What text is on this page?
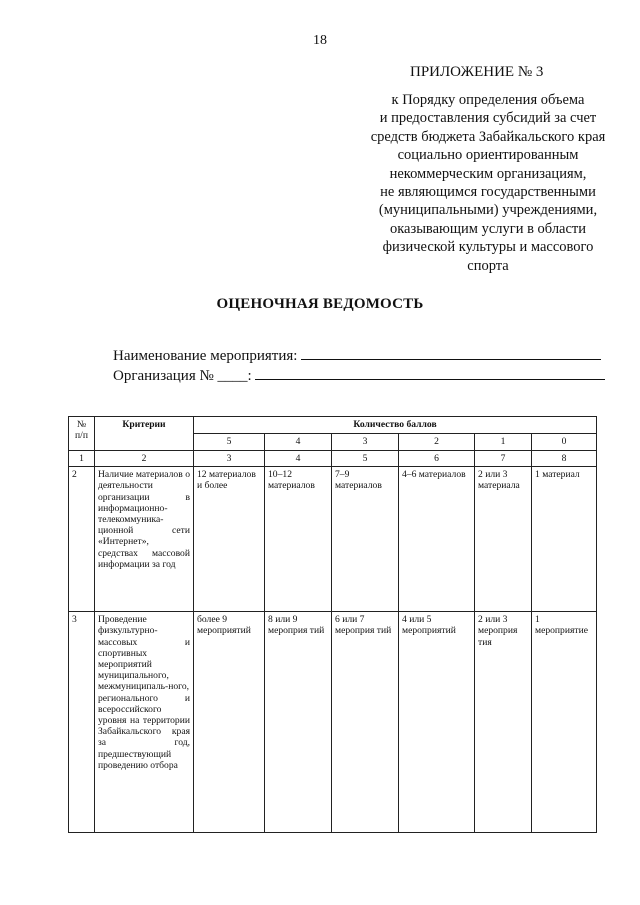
18
ПРИЛОЖЕНИЕ № 3
к Порядку определения объема
и предоставления субсидий за счет
средств бюджета Забайкальского края
социально ориентированным
некоммерческим организациям,
не являющимся государственными
(муниципальными) учреждениями,
оказывающим услуги в области
физической культуры и массового
спорта
ОЦЕНОЧНАЯ ВЕДОМОСТЬ
Наименование мероприятия:
Организация № ____:
№ п/п	Критерии	Количество баллов					
		5	4	3	2	1	0
1	2	3	4	5	6	7	8
2	Наличие материалов о деятельности организации в информационно-телекоммуника-ционной сети «Интернет», средствах массовой информации за год	12 материалов и более	10–12 материалов	7–9 материалов	4–6 материалов	2 или 3 материала	1 материал
3	Проведение физкультурно-массовых и спортивных мероприятий муниципального, межмуниципаль-ного, регионального и всероссийского уровня на территории Забайкальского края за год, предшествующий проведению отбора	более 9 мероприятий	8 или 9 мероприя тий	6 или 7 мероприя тий	4 или 5 мероприятий	2 или 3 мероприя тия	1 мероприятие
